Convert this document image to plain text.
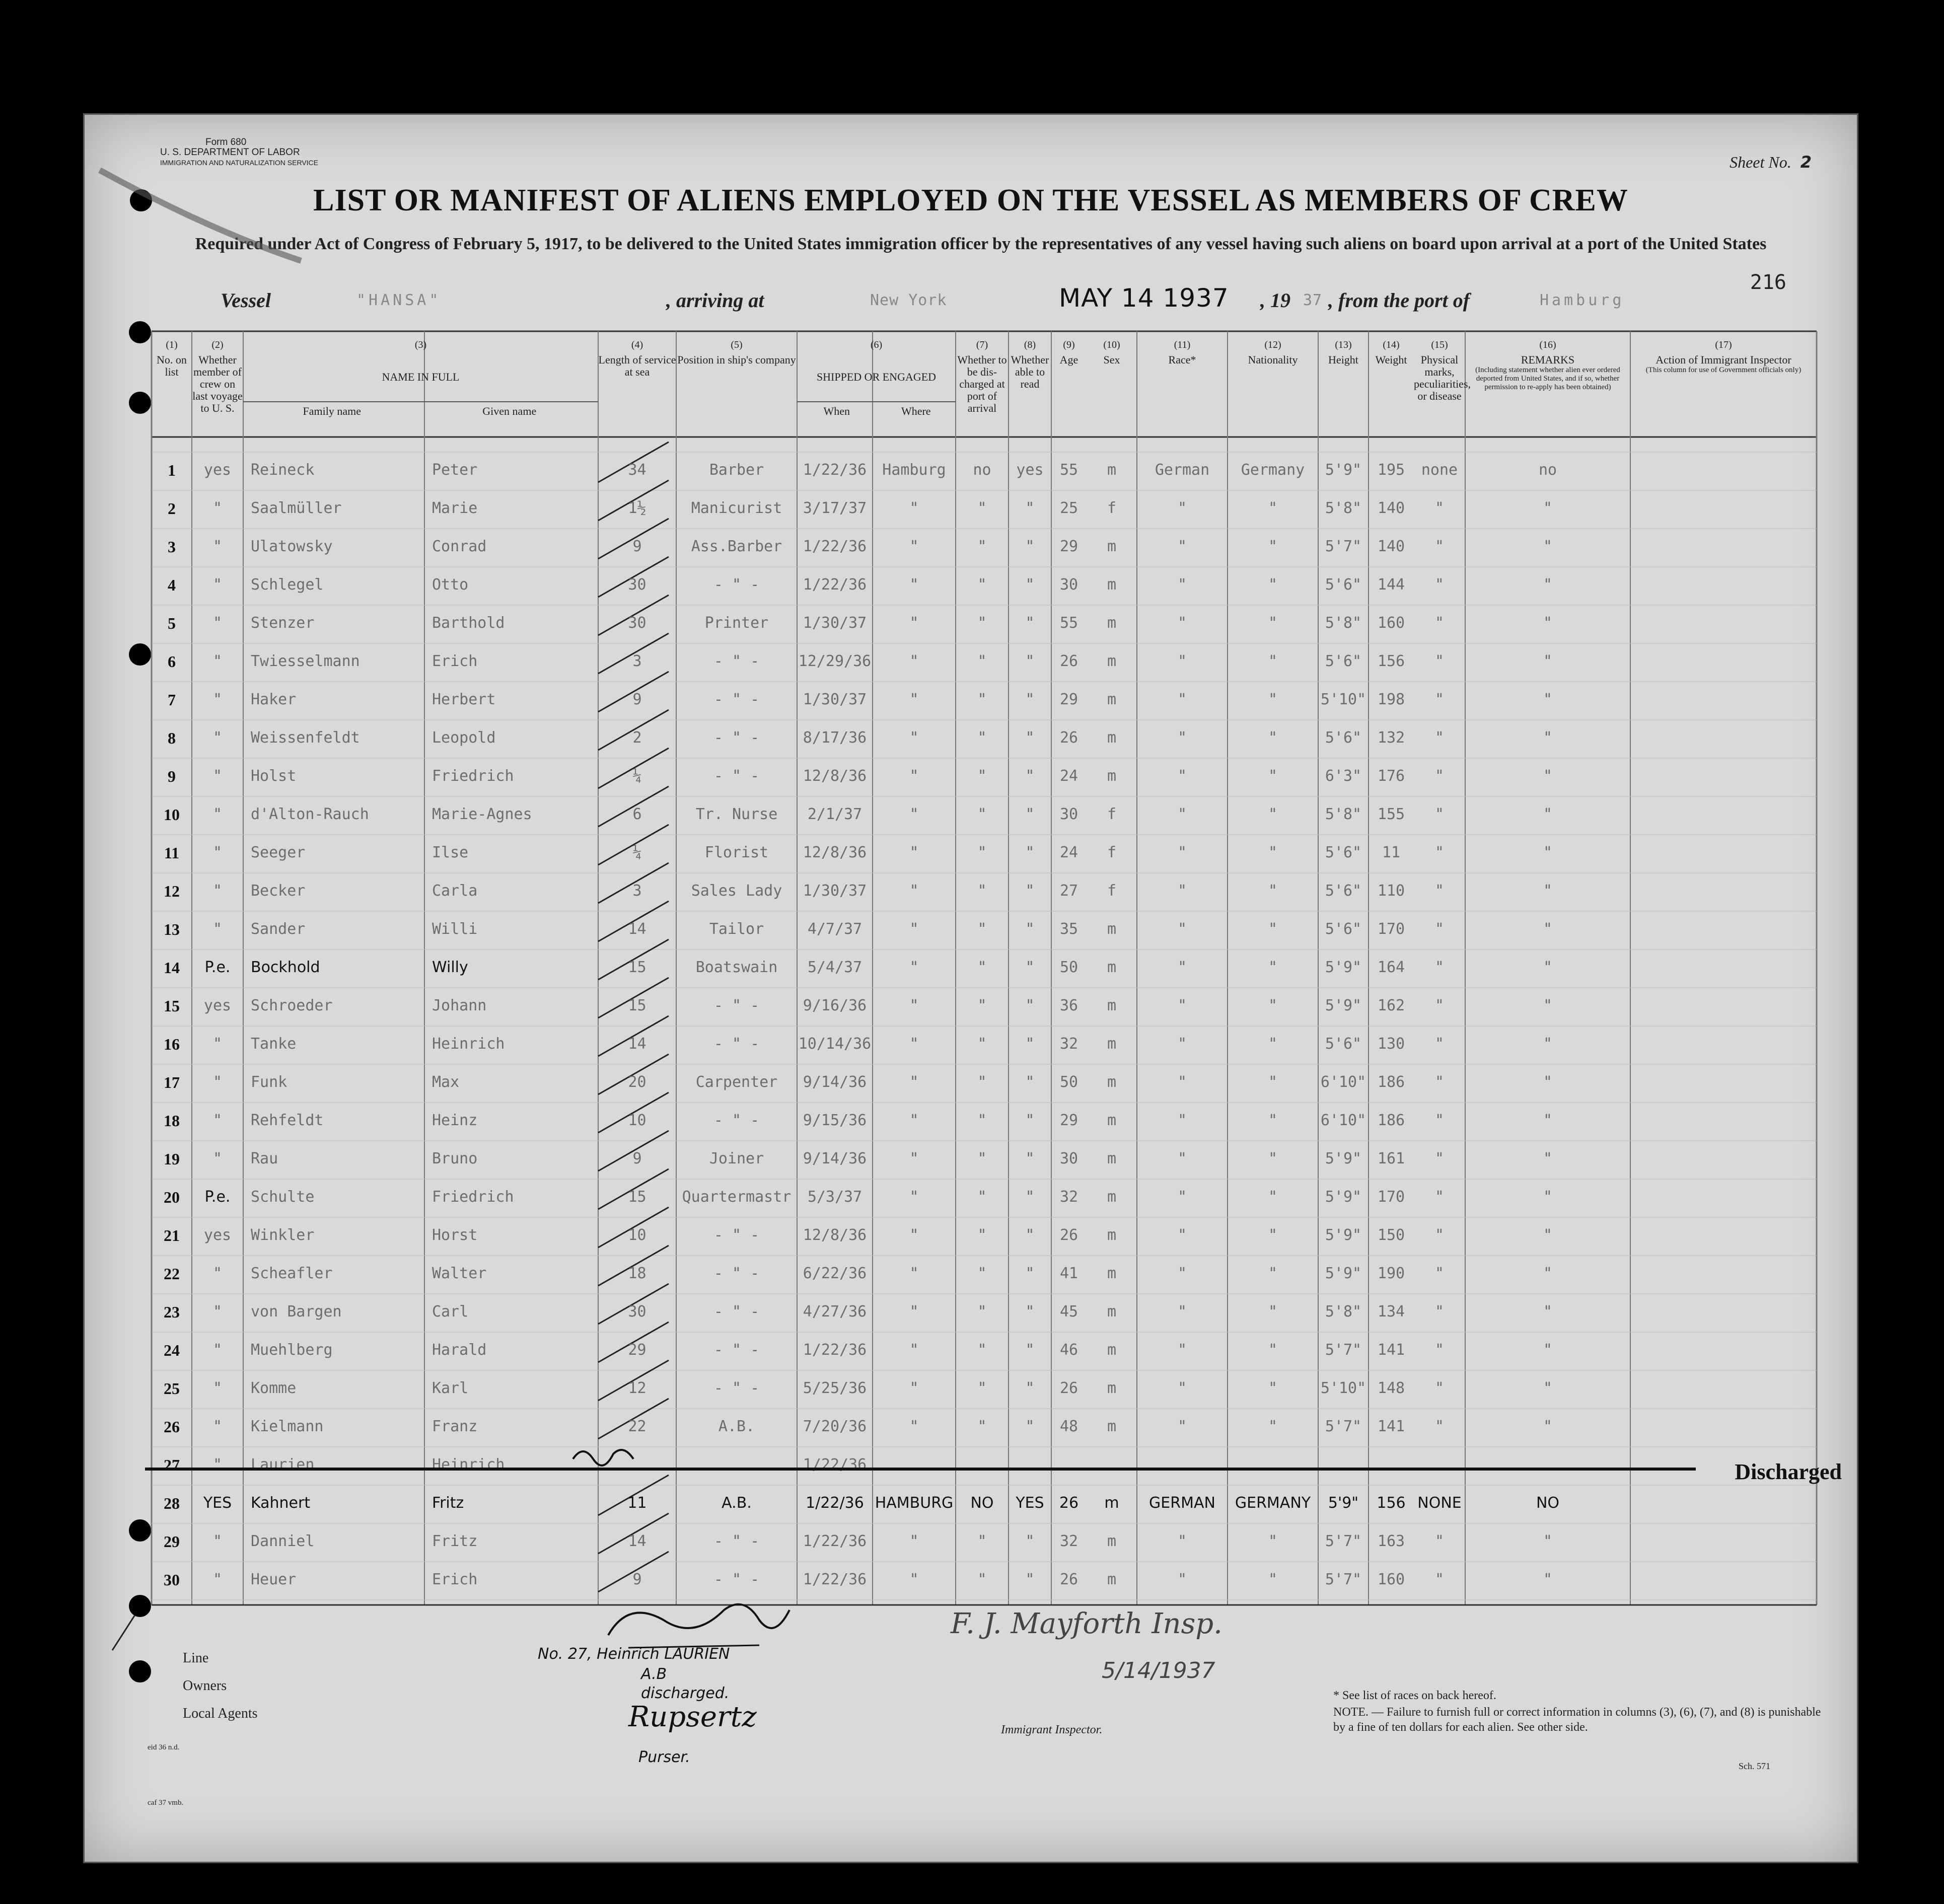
Form 680
U. S. DEPARTMENT OF LABOR
IMMIGRATION AND NATURALIZATION SERVICE	Sheet No. 2
LIST OR MANIFEST OF ALIENS EMPLOYED ON THE VESSEL AS MEMBERS OF CREW
Required under Act of Congress of February 5, 1917, to be delivered to the United States immigration officer by the representatives of any vessel having such aliens on board upon arrival at a port of the United States
216
Vessel	"HANSA"	, arriving at	New York	MAY 14 1937 , 19 37 , from the port of	Hamburg
(1)
No. on list
(2)
Whether member of crew on last voyage to U. S.
(3)
NAME IN FULL
Family name	Given name
(4)
Length of service at sea
(5)
Position in ship's company
(6)
SHIPPED OR ENGAGED
When	Where
(7)
Whether to be dis-charged at port of arrival
(8)
Whether able to read
(9)
Age
(10)
Sex
(11)
Race*
(12)
Nationality
(13)
Height
(14)
Weight
(15)
Physical marks, peculiarities, or disease
(16)
REMARKS
(Including statement whether alien ever ordered deported from United States, and if so, whether permission to re-apply has been obtained)
(17)
Action of Immigrant Inspector
(This column for use of Government officials only)
1	yes	Reineck	Peter	34	Barber	1/22/36	Hamburg	no	yes	55	m	German	Germany	5'9"	195	none	no
2	"	Saalmüller	Marie	1½	Manicurist	3/17/37	"	"	"	25	f	"	"	5'8"	140	"	"
3	"	Ulatowsky	Conrad	9	Ass.Barber	1/22/36	"	"	"	29	m	"	"	5'7"	140	"	"
4	"	Schlegel	Otto	30	- " -	1/22/36	"	"	"	30	m	"	"	5'6"	144	"	"
5	"	Stenzer	Barthold	30	Printer	1/30/37	"	"	"	55	m	"	"	5'8"	160	"	"
6	"	Twiesselmann	Erich	3	- " -	12/29/36	"	"	"	26	m	"	"	5'6"	156	"	"
7	"	Haker	Herbert	9	- " -	1/30/37	"	"	"	29	m	"	"	5'10" 198	"	"
8	"	Weissenfeldt	Leopold	2	- " -	8/17/36	"	"	"	26	m	"	"	5'6"	132	"	"
9	"	Holst	Friedrich	¼	- " -	12/8/36	"	"	"	24	m	"	"	6'3"	176	"	"
10	"	d'Alton-Rauch	Marie-Agnes	6	Tr. Nurse	2/1/37	"	"	"	30	f	"	"	5'8"	155	"	"
11	"	Seeger	Ilse	¼	Florist	12/8/36	"	"	"	24	f	"	"	5'6"	11	"	"
12	"	Becker	Carla	3	Sales Lady	1/30/37	"	"	"	27	f	"	"	5'6"	110	"	"
13	"	Sander	Willi	14	Tailor	4/7/37	"	"	"	35	m	"	"	5'6"	170	"	"
14	P.e.	Bockhold	Willy	15	Boatswain	5/4/37	"	"	"	50	m	"	"	5'9"	164	"	"
15	yes	Schroeder	Johann	15	- " -	9/16/36	"	"	"	36	m	"	"	5'9"	162	"	"
16	"	Tanke	Heinrich	14	- " -	10/14/36	"	"	"	32	m	"	"	5'6"	130	"	"
17	"	Funk	Max	20	Carpenter	9/14/36	"	"	"	50	m	"	"	6'10" 186	"	"
18	"	Rehfeldt	Heinz	10	- " -	9/15/36	"	"	"	29	m	"	"	6'10" 186	"	"
19	"	Rau	Bruno	9	Joiner	9/14/36	"	"	"	30	m	"	"	5'9"	161	"	"
20	P.e.	Schulte	Friedrich	15	Quartermastr	5/3/37	"	"	"	32	m	"	"	5'9"	170	"	"
21	yes	Winkler	Horst	10	- " -	12/8/36	"	"	"	26	m	"	"	5'9"	150	"	"
22	"	Scheafler	Walter	18	- " -	6/22/36	"	"	"	41	m	"	"	5'9"	190	"	"
23	"	von Bargen	Carl	30	- " -	4/27/36	"	"	"	45	m	"	"	5'8"	134	"	"
24	"	Muehlberg	Harald	29	- " -	1/22/36	"	"	"	46	m	"	"	5'7"	141	"	"
25	"	Komme	Karl	12	- " -	5/25/36	"	"	"	26	m	"	"	5'10" 148	"	"
26	"	Kielmann	Franz	22	A.B.	7/20/36	"	"	"	48	m	"	"	5'7"	141	"	"
27	"	Laurien	Heinrich	1/22/36
28	YES	Kahnert	Fritz	11	A.B.	1/22/36 HAMBURG	NO	YES	26	m	GERMAN	GERMANY	5'9"	156 NONE	NO
29	"	Danniel	Fritz	14	- " -	1/22/36	"	"	"	32	m	"	"	5'7"	163	"	"
30	"	Heuer	Erich	9	- " -	1/22/36	"	"	"	26	m	"	"	5'7"	160	"	"
Discharged
Line
Owners
Local Agents
Immigrant Inspector.
No. 27, Heinrich LAURIEN
A.B
discharged.
Rupsertz
Purser.
F. J. Mayforth Insp.
5/14/1937
* See list of races on back hereof.
NOTE. — Failure to furnish full or correct information in columns (3), (6), (7), and (8) is punishable by a fine of ten dollars for each alien. See other side.
eid 36 n.d.
caf 37 vmb.
Sch. 571
